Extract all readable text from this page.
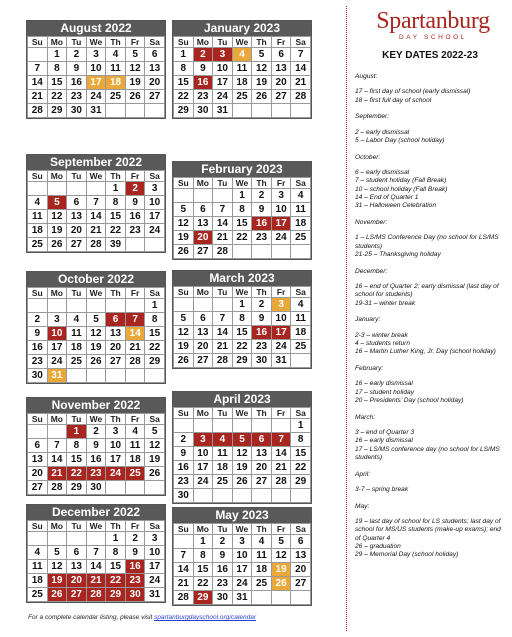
August 2022
Su	Mo	Tu	We	Th	Fr	Sa
	1	2	3	4	5	6
7	8	9	10	11	12	13
14	15	16	17	18	19	20
21	22	23	24	25	26	27
28	29	30	31			
September 2022
Su	Mo	Tu	We	Th	Fr	Sa
				1	2	3
4	5	6	7	8	9	10
11	12	13	14	15	16	17
18	19	20	21	22	23	24
25	26	27	28	39		
October 2022
Su	Mo	Tu	We	Th	Fr	Sa
						1
2	3	4	5	6	7	8
9	10	11	12	13	14	15
16	17	18	19	20	21	22
23	24	25	26	27	28	29
30	31					
November 2022
Su	Mo	Tu	We	Th	Fr	Sa
		1	2	3	4	5
6	7	8	9	10	11	12
13	14	15	16	17	18	19
20	21	22	23	24	25	26
27	28	29	30			
December 2022
Su	Mo	Tu	We	Th	Fr	Sa
				1	2	3
4	5	6	7	8	9	10
11	12	13	14	15	16	17
18	19	20	21	22	23	24
25	26	27	28	29	30	31
January 2023
Su	Mo	Tu	We	Th	Fr	Sa
1	2	3	4	5	6	7
8	9	10	11	12	13	14
15	16	17	18	19	20	21
22	23	24	25	26	27	28
29	30	31				
February 2023
Su	Mo	Tu	We	Th	Fr	Sa
			1	2	3	4
5	6	7	8	9	10	11
12	13	14	15	16	17	18
19	20	21	22	23	24	25
26	27	28				
March 2023
Su	Mo	Tu	We	Th	Fr	Sa
			1	2	3	4
5	6	7	8	9	10	11
12	13	14	15	16	17	18
19	20	21	22	23	24	25
26	27	28	29	30	31	
April 2023
Su	Mo	Tu	We	Th	Fr	Sa
						1
2	3	4	5	6	7	8
9	10	11	12	13	14	15
16	17	18	19	20	21	22
23	24	25	26	27	28	29
30						
May 2023
Su	Mo	Tu	We	Th	Fr	Sa
	1	2	3	4	5	6
7	8	9	10	11	12	13
14	15	16	17	18	19	20
21	22	23	24	25	26	27
28	29	30	31			
For a complete calendar listing, please visit spartanburgdayschool.org/calendar
Spartanburg
DAY SCHOOL
KEY DATES 2022-23
August:
17 – first day of school (early dismissal)
18 – first full day of school
September:
2 – early dismissal
5 – Labor Day (school holiday)
October:
6 – early dismissal
7 – student holiday (Fall Break)
10 – school holiday (Fall Break)
14 – End of Quarter 1
31 – Halloween Celebration
November:
1 – LS/MS Conference Day (no school for LS/MS students)
21-25 – Thanksgiving holiday
December:
16 – end of Quarter 2; early dismissal (last day of school for students)
19-31 – winter break
January:
2-3 – winter break
4 – students return
16 – Martin Luther King, Jr. Day (school holiday)
February:
16 – early dismissal
17 – student holiday
20 – Presidents’ Day (school holiday)
March:
3 – end of Quarter 3
16 – early dismissal
17 – LS/MS conference day (no school for LS/MS students)
April:
3-7 – spring break
May:
19 – last day of school for LS students; last day of school for MS/US students (make-up exams); end of Quarter 4
26 – graduation
29 – Memorial Day (school holiday)
